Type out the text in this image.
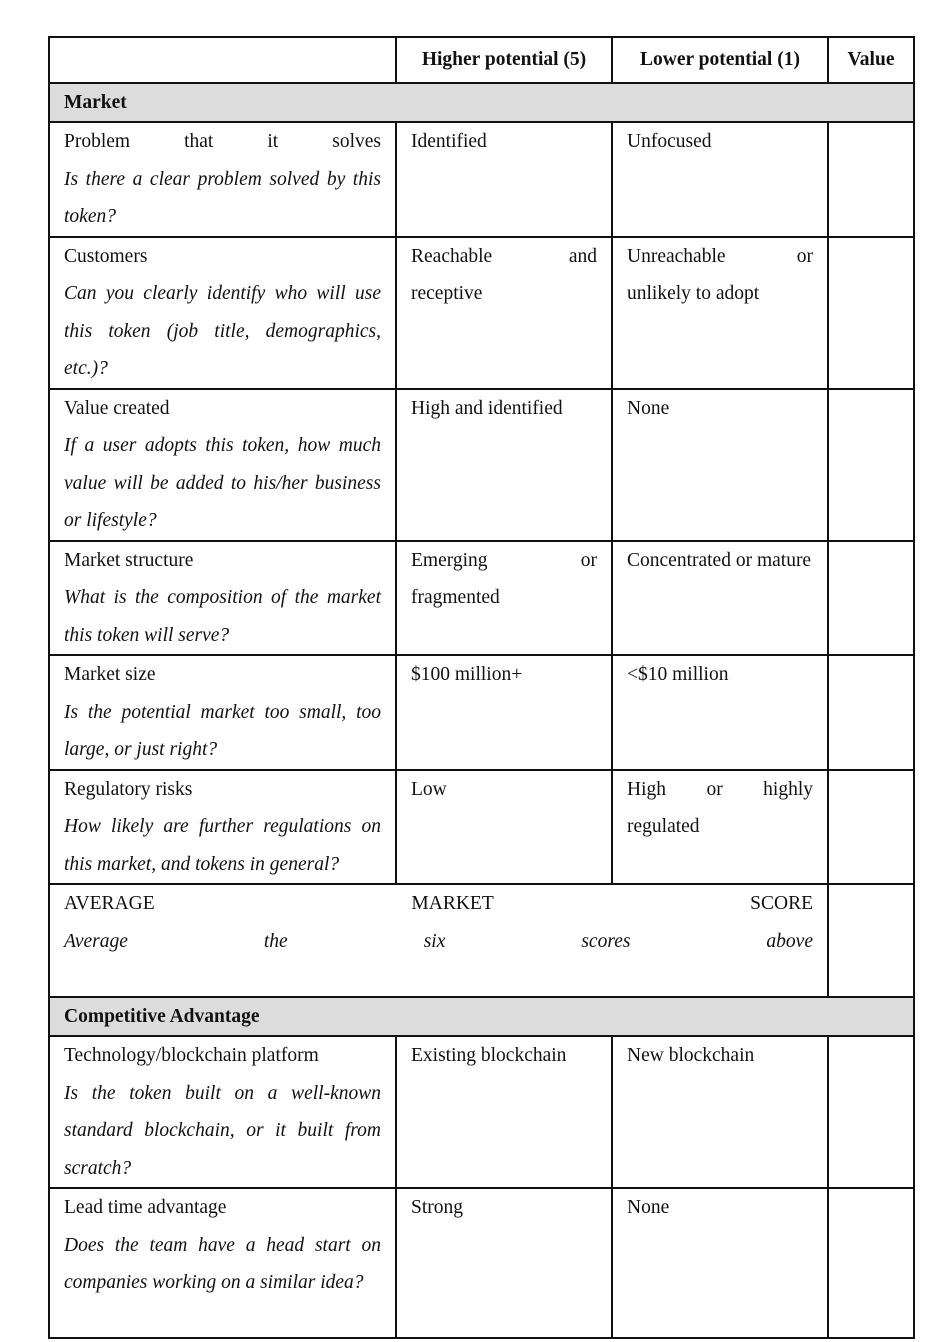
	Higher potential (5)	Lower potential (1)	Value
Market			

Problem that it solves
Is there a clear problem solved by this token?	Identified	Unfocused	

Customers
Can you clearly identify who will use this token (job title, demographics, etc.)?	Reachable and receptive	Unreachable or unlikely to adopt	

Value created
If a user adopts this token, how much value will be added to his/her business or lifestyle?	High and identified	None	

Market structure
What is the composition of the market this token will serve?	Emerging or fragmented	Concentrated or mature	

Market size
Is the potential market too small, too large, or just right?	$100 million+	<$10 million	

Regulatory risks
How likely are further regulations on this market, and tokens in general?	Low	High or highly regulated	

AVERAGE MARKET SCORE
Average the six scores above			

Competitive Advantage			

Technology/blockchain platform
Is the token built on a well-known standard blockchain, or it built from scratch?	Existing blockchain	New blockchain	

Lead time advantage
Does the team have a head start on companies working on a similar idea?	Strong	None	
